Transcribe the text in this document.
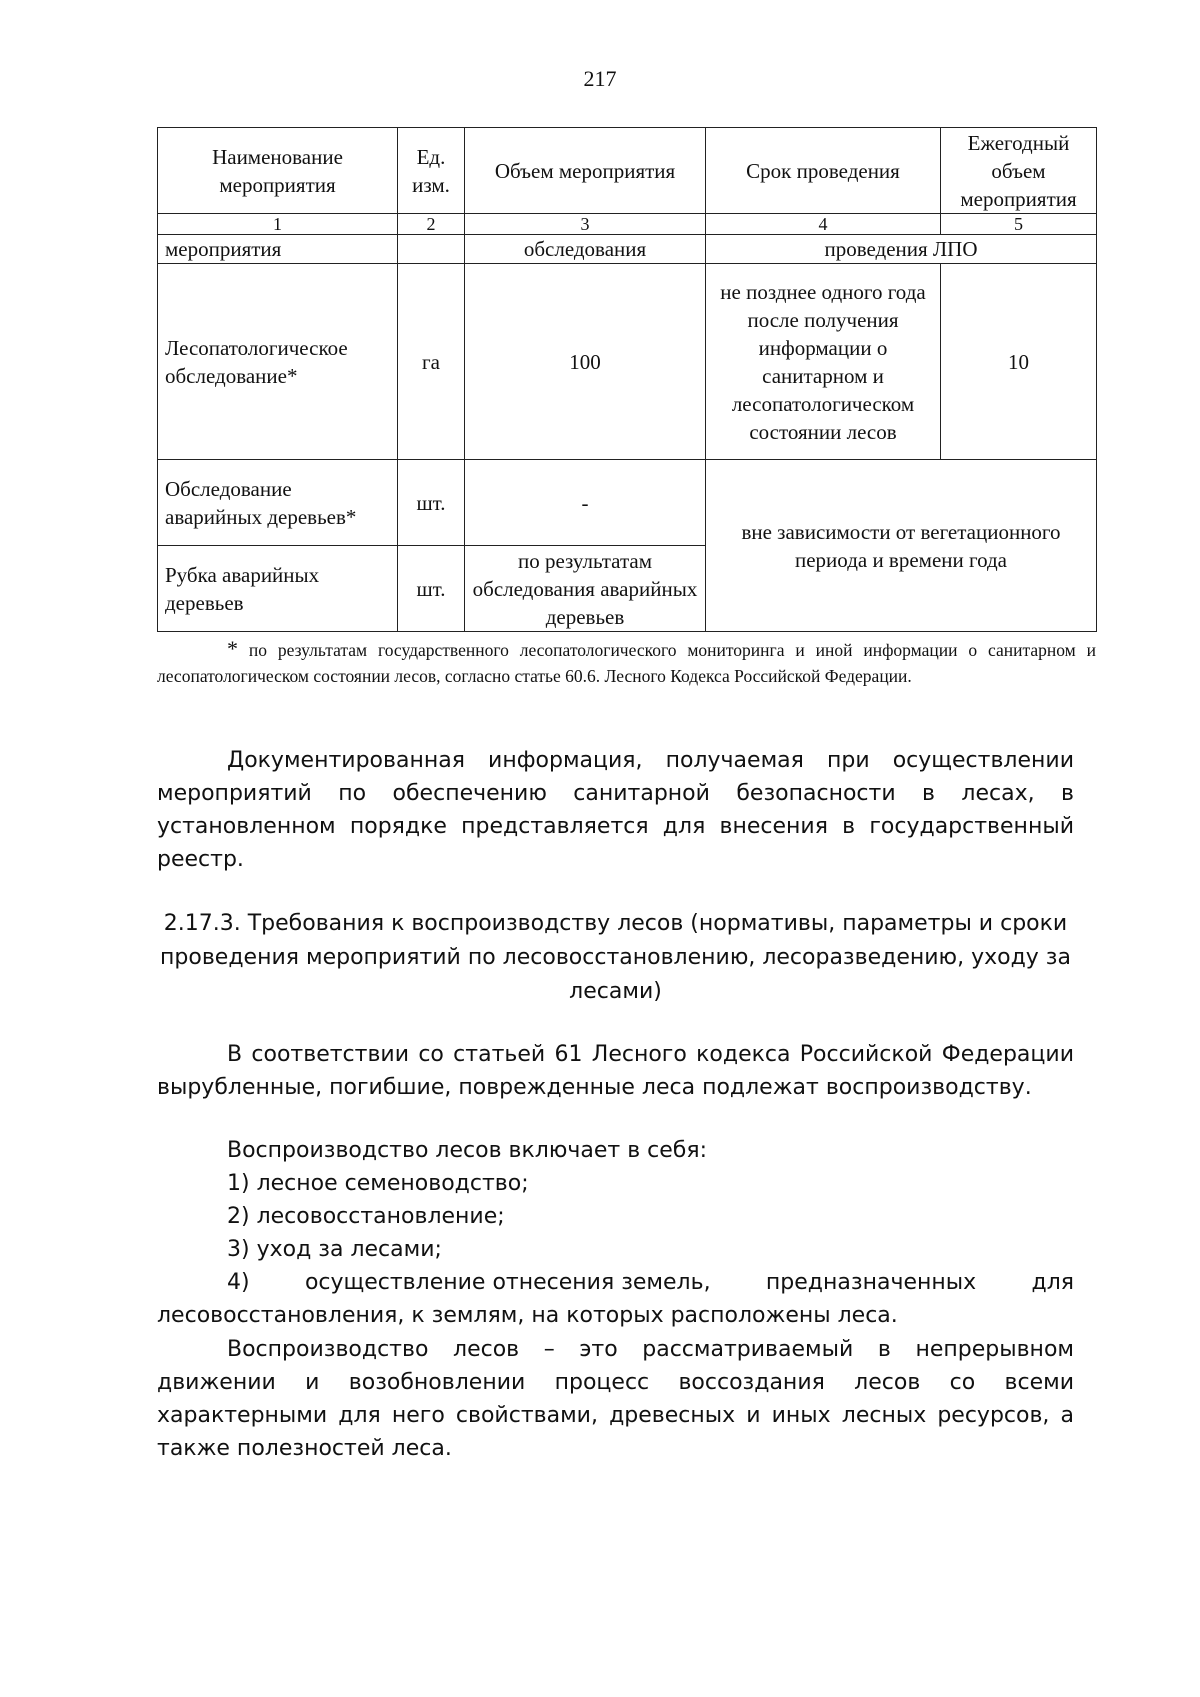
217
Наименование мероприятия	Ед. изм.	Объем мероприятия	Срок проведения	Ежегодный объем мероприятия
1	2	3	4	5
мероприятия		обследования	проведения ЛПО	
Лесопатологическое обследование*	га	100	не позднее одного года после получения информации о санитарном и лесопатологическом состоянии лесов	10
Обследование аварийных деревьев*	шт.	-	вне зависимости от вегетационного периода и времени года	
Рубка аварийных деревьев	шт.	по результатам обследования аварийных деревьев		
* по результатам государственного лесопатологического мониторинга и иной информации о санитарном и лесопатологическом состоянии лесов, согласно статье 60.6. Лесного Кодекса Российской Федерации.
Документированная информация, получаемая при осуществлении мероприятий по обеспечению санитарной безопасности в лесах, в установленном порядке представляется для внесения в государственный реестр.
2.17.3. Требования к воспроизводству лесов (нормативы, параметры и сроки проведения мероприятий по лесовосстановлению, лесоразведению, уходу за лесами)
В соответствии со статьей 61 Лесного кодекса Российской Федерации вырубленные, погибшие, поврежденные леса подлежат воспроизводству.
Воспроизводство лесов включает в себя:
1) лесное семеноводство;
2) лесовосстановление;
3) уход за лесами;
4)	осуществление отнесения земель,	предназначенных	для
лесовосстановления, к землям, на которых расположены леса.
Воспроизводство лесов – это рассматриваемый в непрерывном движении и возобновлении процесс воссоздания лесов со всеми характерными для него свойствами, древесных и иных лесных ресурсов, а также полезностей леса.
